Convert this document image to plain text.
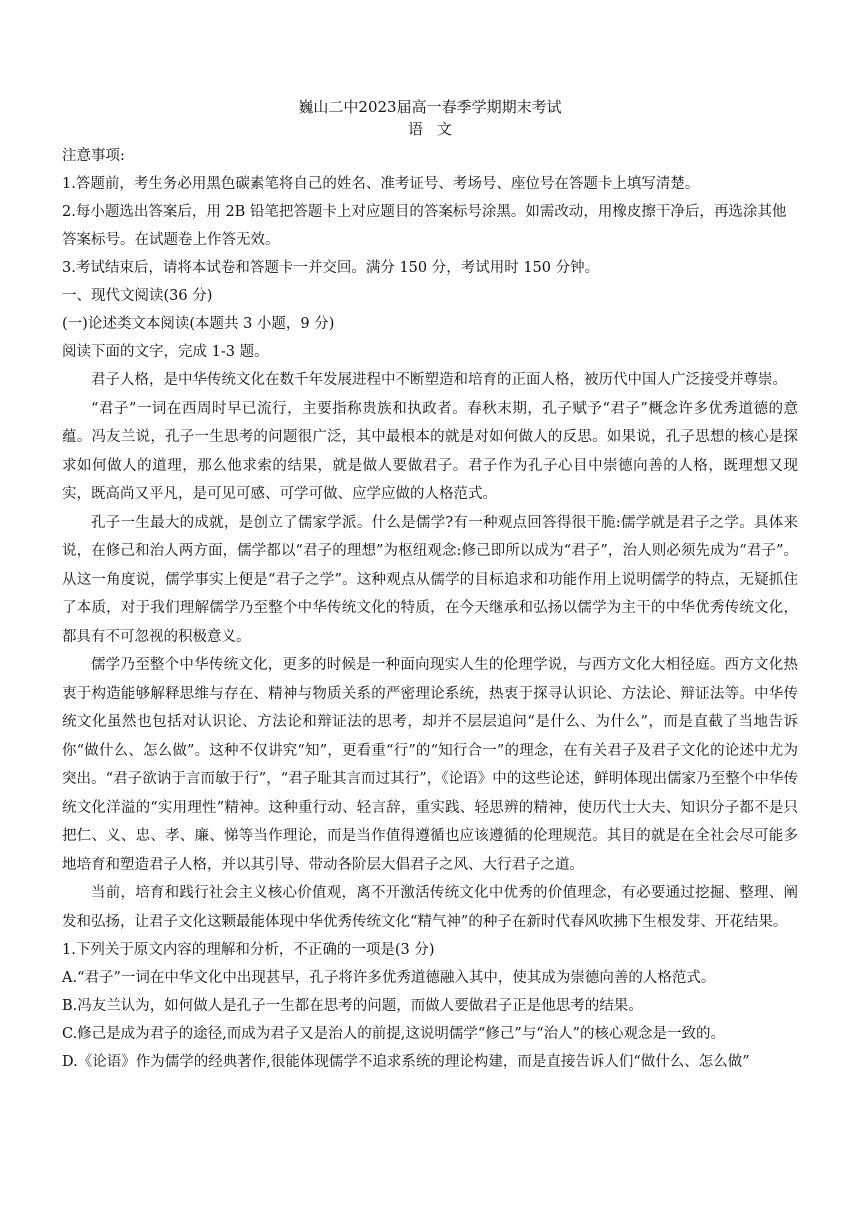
巍山二中2023届高一春季学期期末考试

语文

注意事项:

1.答题前，考生务必用黑色碳素笔将自己的姓名、准考证号、考场号、座位号在答题卡上填写清楚。

2.每小题选出答案后，用 2B 铅笔把答题卡上对应题目的答案标号涂黑。如需改动，用橡皮擦干净后，再选涂其他答案标号。在试题卷上作答无效。

3.考试结束后，请将本试卷和答题卡一并交回。满分 150 分，考试用时 150 分钟。

一、现代文阅读(36 分)

(一)论述类文本阅读(本题共 3 小题，9 分)

阅读下面的文字，完成 1-3 题。

君子人格，是中华传统文化在数千年发展进程中不断塑造和培育的正面人格，被历代中国人广泛接受并尊崇。

“君子”一词在西周时早已流行，主要指称贵族和执政者。春秋末期，孔子赋予“君子”概念许多优秀道德的意蕴。冯友兰说，孔子一生思考的问题很广泛，其中最根本的就是对如何做人的反思。如果说，孔子思想的核心是探求如何做人的道理，那么他求索的结果，就是做人要做君子。君子作为孔子心目中崇德向善的人格，既理想又现实，既高尚又平凡，是可见可感、可学可做、应学应做的人格范式。

孔子一生最大的成就，是创立了儒家学派。什么是儒学?有一种观点回答得很干脆:儒学就是君子之学。具体来说，在修己和治人两方面，儒学都以“君子的理想”为枢纽观念:修己即所以成为“君子”，治人则必须先成为“君子”。从这一角度说，儒学事实上便是“君子之学”。这种观点从儒学的目标追求和功能作用上说明儒学的特点，无疑抓住了本质，对于我们理解儒学乃至整个中华传统文化的特质，在今天继承和弘扬以儒学为主干的中华优秀传统文化，都具有不可忽视的积极意义。

儒学乃至整个中华传统文化，更多的时候是一种面向现实人生的伦理学说，与西方文化大相径庭。西方文化热衷于构造能够解释思维与存在、精神与物质关系的严密理论系统，热衷于探寻认识论、方法论、辩证法等。中华传统文化虽然也包括对认识论、方法论和辩证法的思考，却并不层层追问“是什么、为什么”，而是直截了当地告诉你“做什么、怎么做”。这种不仅讲究“知”，更看重“行”的“知行合一”的理念，在有关君子及君子文化的论述中尤为突出。“君子欲讷于言而敏于行”，“君子耻其言而过其行”，《论语》中的这些论述，鲜明体现出儒家乃至整个中华传统文化洋溢的“实用理性”精神。这种重行动、轻言辞，重实践、轻思辨的精神，使历代士大夫、知识分子都不是只把仁、义、忠、孝、廉、悌等当作理论，而是当作值得遵循也应该遵循的伦理规范。其目的就是在全社会尽可能多地培育和塑造君子人格，并以其引导、带动各阶层大倡君子之风、大行君子之道。

当前，培育和践行社会主义核心价值观，离不开激活传统文化中优秀的价值理念，有必要通过挖掘、整理、阐发和弘扬，让君子文化这颗最能体现中华优秀传统文化“精气神”的种子在新时代春风吹拂下生根发芽、开花结果。

1.下列关于原文内容的理解和分析，不正确的一项是(3 分)

A.“君子”一词在中华文化中出现甚早，孔子将许多优秀道德融入其中，使其成为崇德向善的人格范式。

B.冯友兰认为，如何做人是孔子一生都在思考的问题，而做人要做君子正是他思考的结果。

C.修己是成为君子的途径,而成为君子又是治人的前提,这说明儒学“修己”与“治人”的核心观念是一致的。

D.《论语》作为儒学的经典著作,很能体现儒学不追求系统的理论构建，而是直接告诉人们“做什么、怎么做”
